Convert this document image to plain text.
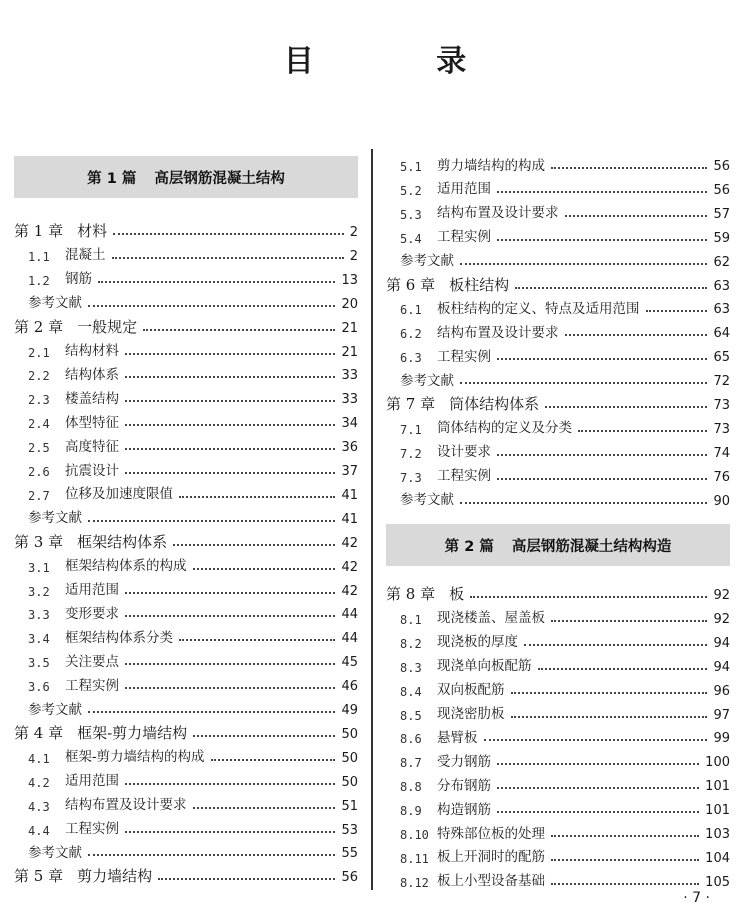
目 录
第 1 篇 高层钢筋混凝土结构
第 1 章 材料	2
1.1	混凝土	2
1.2	钢筋	13
参考文献	20
第 2 章 一般规定	21
2.1	结构材料	21
2.2	结构体系	33
2.3	楼盖结构	33
2.4	体型特征	34
2.5	高度特征	36
2.6	抗震设计	37
2.7	位移及加速度限值	41
参考文献	41
第 3 章 框架结构体系	42
3.1	框架结构体系的构成	42
3.2	适用范围	42
3.3	变形要求	44
3.4	框架结构体系分类	44
3.5	关注要点	45
3.6	工程实例	46
参考文献	49
第 4 章 框架-剪力墙结构	50
4.1	框架-剪力墙结构的构成	50
4.2	适用范围	50
4.3	结构布置及设计要求	51
4.4	工程实例	53
参考文献	55
第 5 章 剪力墙结构	56
5.1	剪力墙结构的构成	56
5.2	适用范围	56
5.3	结构布置及设计要求	57
5.4	工程实例	59
参考文献	62
第 6 章 板柱结构	63
6.1	板柱结构的定义、特点及适用范围	63
6.2	结构布置及设计要求	64
6.3	工程实例	65
参考文献	72
第 7 章 筒体结构体系	73
7.1	筒体结构的定义及分类	73
7.2	设计要求	74
7.3	工程实例	76
参考文献	90
第 2 篇 高层钢筋混凝土结构构造
第 8 章 板	92
8.1	现浇楼盖、屋盖板	92
8.2	现浇板的厚度	94
8.3	现浇单向板配筋	94
8.4	双向板配筋	96
8.5	现浇密肋板	97
8.6	悬臂板	99
8.7	受力钢筋	100
8.8	分布钢筋	101
8.9	构造钢筋	101
8.10 特殊部位板的处理	103
8.11 板上开洞时的配筋	104
8.12 板上小型设备基础	105
· 7 ·
